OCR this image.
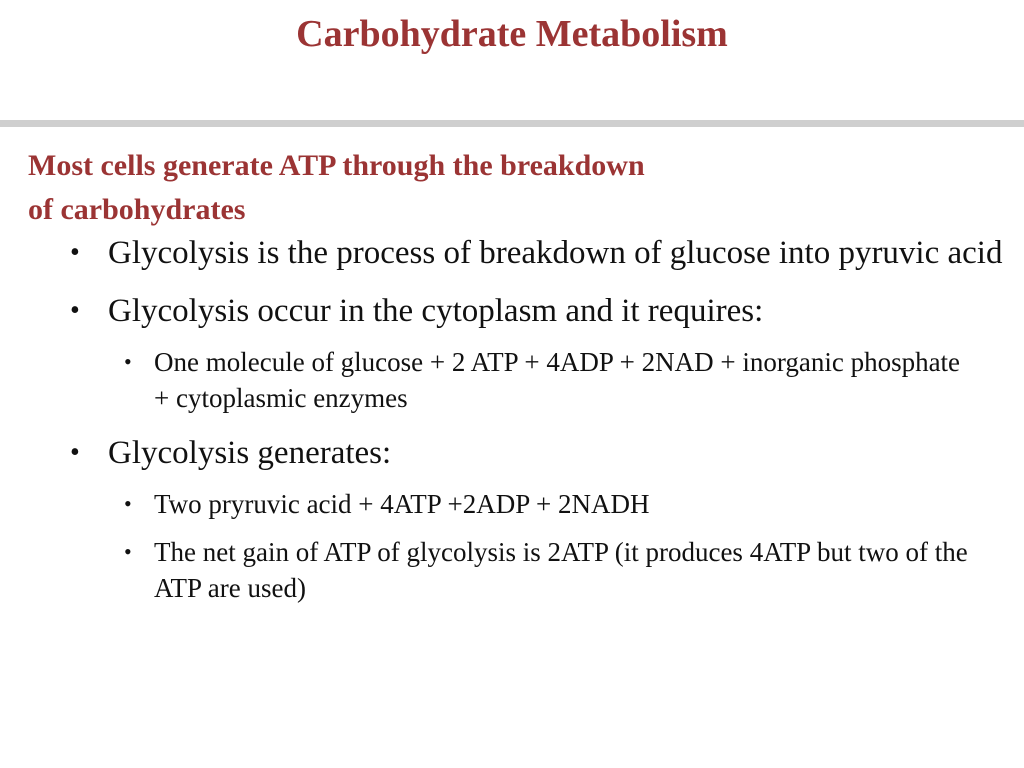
Carbohydrate Metabolism
Most cells generate ATP through the breakdown
of carbohydrates
• Glycolysis is the process of breakdown of glucose into pyruvic acid
• Glycolysis occur in the cytoplasm and it requires:
• One molecule of glucose + 2 ATP + 4ADP + 2NAD + inorganic phosphate + cytoplasmic enzymes
• Glycolysis generates:
• Two pryruvic acid + 4ATP +2ADP + 2NADH
• The net gain of ATP of glycolysis is 2ATP (it produces 4ATP but two of the ATP are used)
